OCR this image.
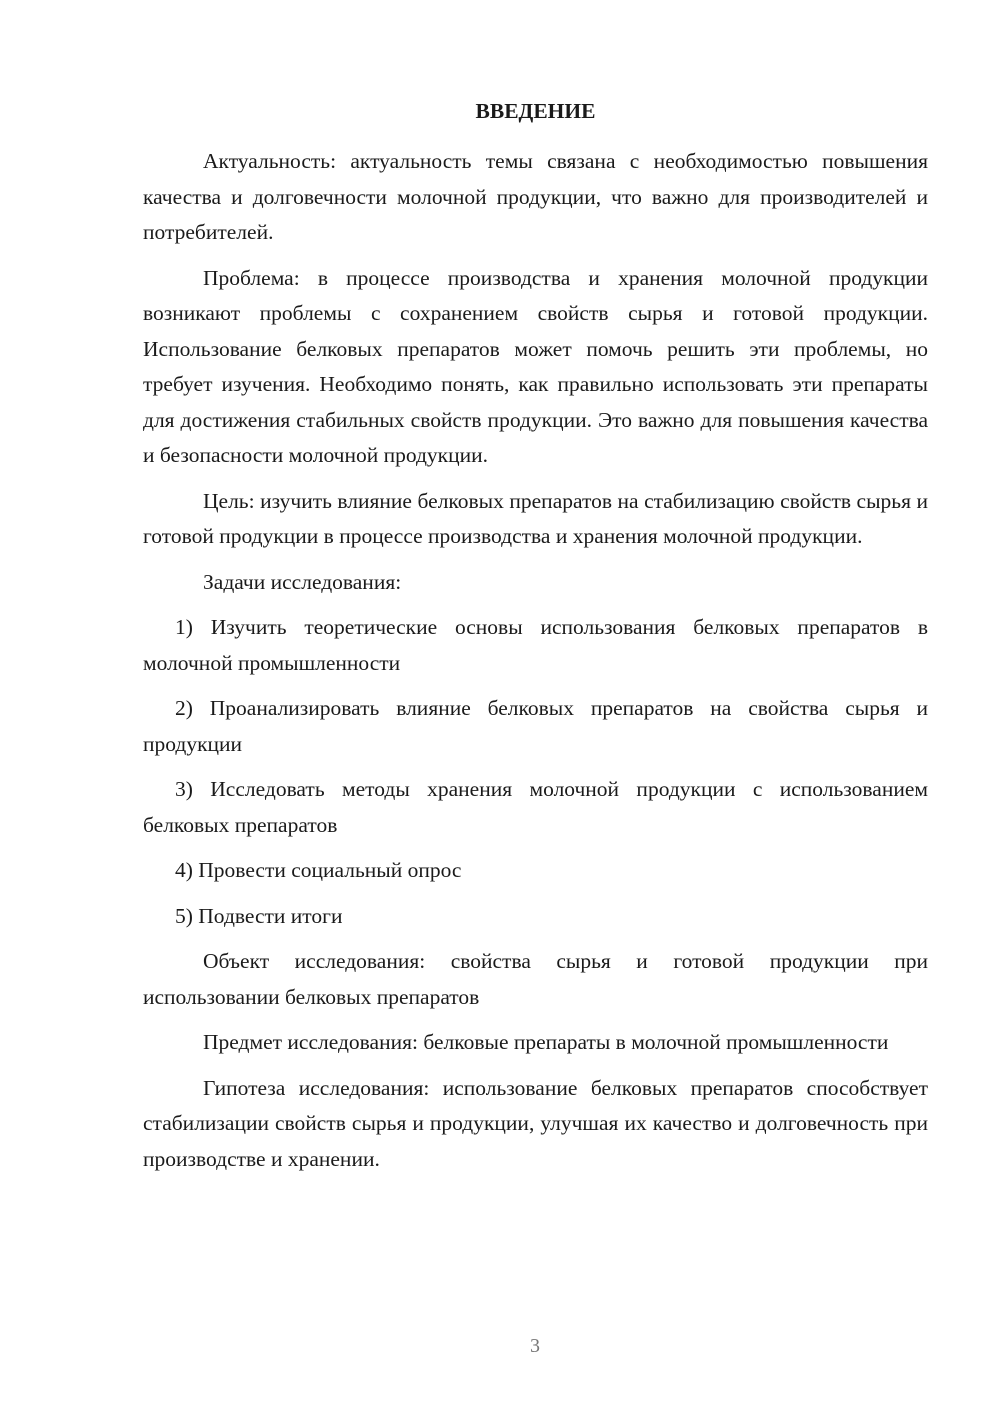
ВВЕДЕНИЕ

Актуальность: актуальность темы связана с необходимостью повышения качества и долговечности молочной продукции, что важно для производителей и потребителей.

Проблема: в процессе производства и хранения молочной продукции возникают проблемы с сохранением свойств сырья и готовой продукции. Использование белковых препаратов может помочь решить эти проблемы, но требует изучения. Необходимо понять, как правильно использовать эти препараты для достижения стабильных свойств продукции. Это важно для повышения качества и безопасности молочной продукции.

Цель: изучить влияние белковых препаратов на стабилизацию свойств сырья и готовой продукции в процессе производства и хранения молочной продукции.

Задачи исследования:

1) Изучить теоретические основы использования белковых препаратов в молочной промышленности

2) Проанализировать влияние белковых препаратов на свойства сырья и продукции

3) Исследовать методы хранения молочной продукции с использованием белковых препаратов

4) Провести социальный опрос

5) Подвести итоги

Объект исследования: свойства сырья и готовой продукции при использовании белковых препаратов

Предмет исследования: белковые препараты в молочной промышленности

Гипотеза исследования: использование белковых препаратов способствует стабилизации свойств сырья и продукции, улучшая их качество и долговечность при производстве и хранении.

3
